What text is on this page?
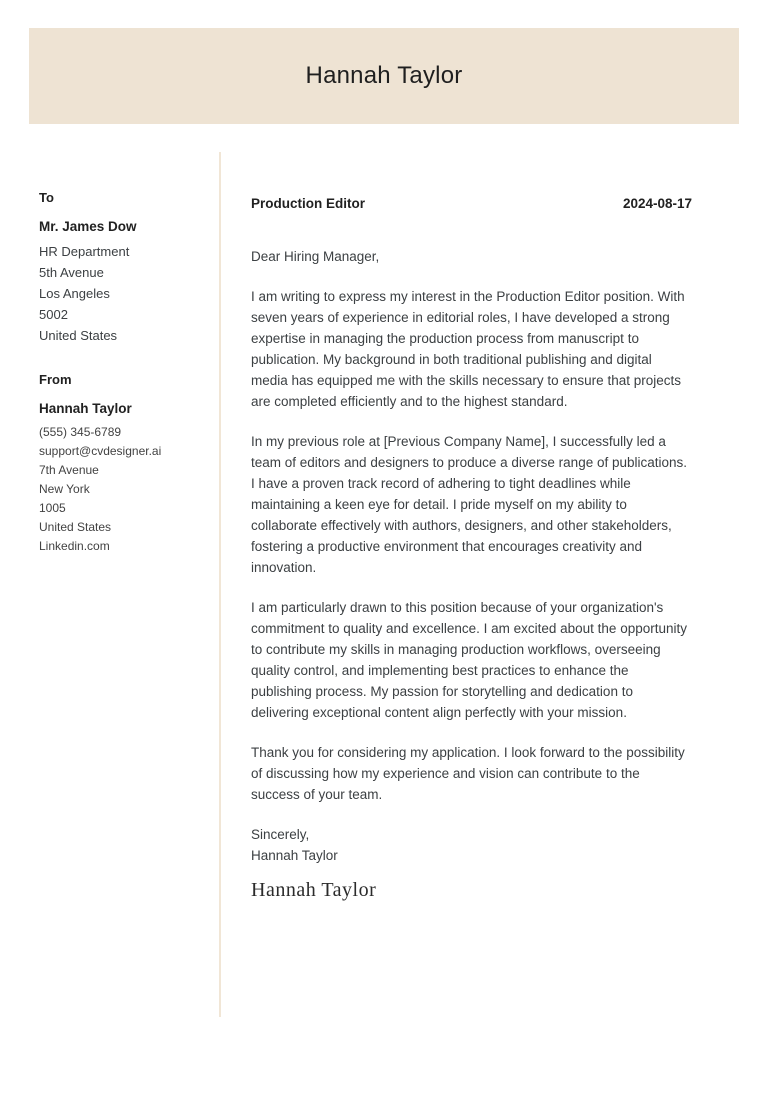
Hannah Taylor
To
Mr. James Dow
HR Department
5th Avenue
Los Angeles
5002
United States
From
Hannah Taylor
(555) 345-6789
support@cvdesigner.ai
7th Avenue
New York
1005
United States
Linkedin.com
Production Editor	2024-08-17

Dear Hiring Manager,

I am writing to express my interest in the Production Editor position. With seven years of experience in editorial roles, I have developed a strong expertise in managing the production process from manuscript to publication. My background in both traditional publishing and digital media has equipped me with the skills necessary to ensure that projects are completed efficiently and to the highest standard.

In my previous role at [Previous Company Name], I successfully led a team of editors and designers to produce a diverse range of publications. I have a proven track record of adhering to tight deadlines while maintaining a keen eye for detail. I pride myself on my ability to collaborate effectively with authors, designers, and other stakeholders, fostering a productive environment that encourages creativity and innovation.

I am particularly drawn to this position because of your organization's commitment to quality and excellence. I am excited about the opportunity to contribute my skills in managing production workflows, overseeing quality control, and implementing best practices to enhance the publishing process. My passion for storytelling and dedication to delivering exceptional content align perfectly with your mission.

Thank you for considering my application. I look forward to the possibility of discussing how my experience and vision can contribute to the success of your team.

Sincerely,
Hannah Taylor
Hannah Taylor
